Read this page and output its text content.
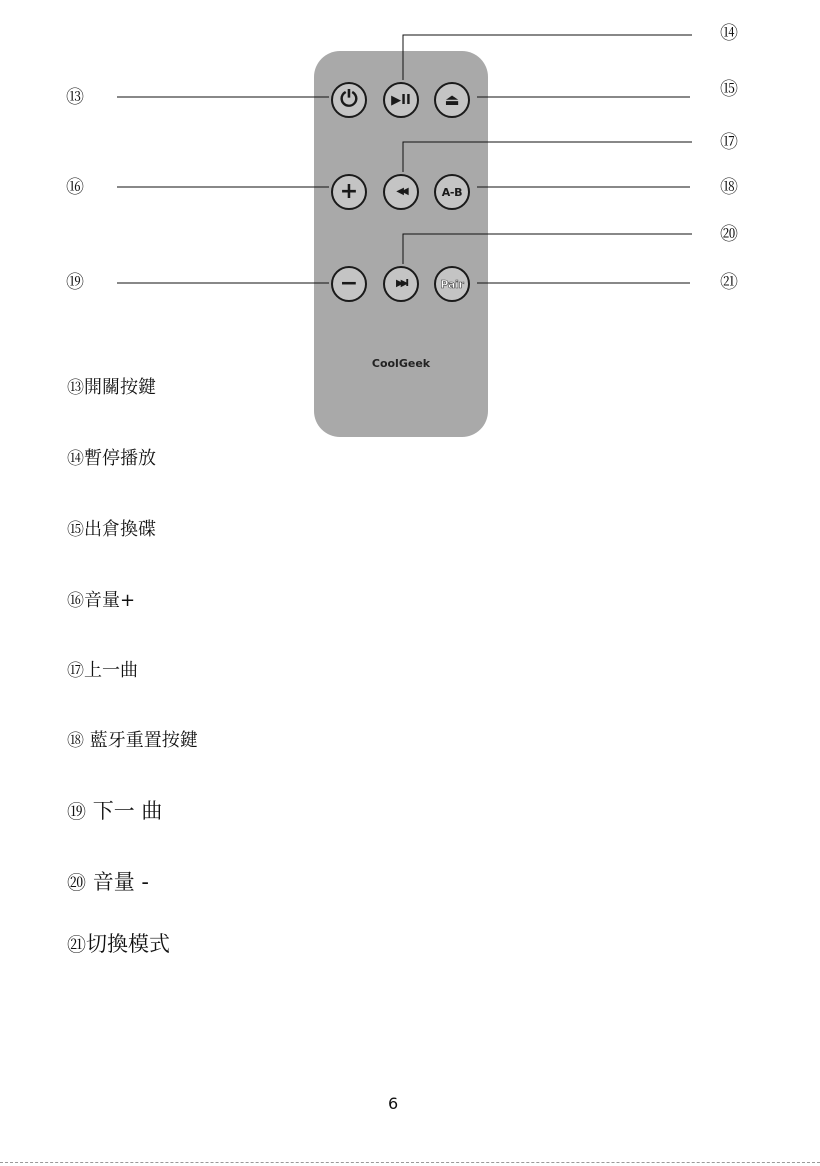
⏻	▶II ⏏
+	◀◀	A-B
−	▶▶I	Pair
CoolGeek
⑬
⑭
⑮
⑯
⑰
⑱
⑳
⑲	㉑
⑬開關按鍵
⑭暫停播放
⑮出倉換碟
⑯音量+
⑰上一曲
⑱ 藍牙重置按鍵
⑲ 下一 曲
⑳ 音量 -
㉑切換模式
6
